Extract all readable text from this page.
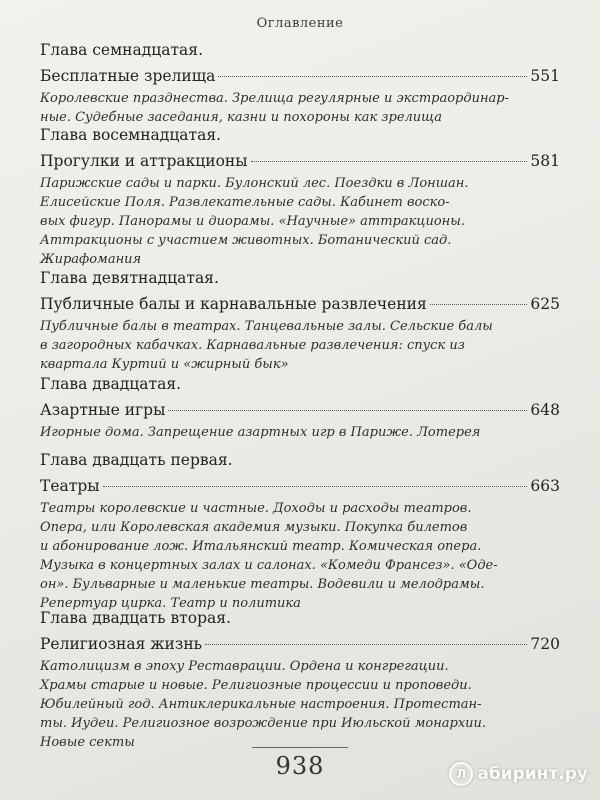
Оглавление
Глава семнадцатая.
Бесплатные зрелища	551
Королевские празднества. Зрелища регулярные и экстраординар-
ные. Судебные заседания, казни и похороны как зрелища
Глава восемнадцатая.
Прогулки и аттракционы	581
Парижские сады и парки. Булонский лес. Поездки в Лоншан.
Елисейские Поля. Развлекательные сады. Кабинет воско-
вых фигур. Панорамы и диорамы. «Научные» аттракционы.
Аттракционы с участием животных. Ботанический сад.
Жирафомания
Глава девятнадцатая.
Публичные балы и карнавальные развлечения	625
Публичные балы в театрах. Танцевальные залы. Сельские балы
в загородных кабачках. Карнавальные развлечения: спуск из
квартала Куртий и «жирный бык»
Глава двадцатая.
Азартные игры	648
Игорные дома. Запрещение азартных игр в Париже. Лотерея
Глава двадцать первая.
Театры	663
Театры королевские и частные. Доходы и расходы театров.
Опера, или Королевская академия музыки. Покупка билетов
и абонирование лож. Итальянский театр. Комическая опера.
Музыка в концертных залах и салонах. «Комеди Франсез». «Оде-
он». Бульварные и маленькие театры. Водевили и мелодрамы.
Репертуар цирка. Театр и политика
Глава двадцать вторая.
Религиозная жизнь	720
Католицизм в эпоху Реставрации. Ордена и конгрегации.
Храмы старые и новые. Религиозные процессии и проповеди.
Юбилейный год. Антиклерикальные настроения. Протестан-
ты. Иудеи. Религиозное возрождение при Июльской монархии.
Новые секты
938	Л абиринт.ру
